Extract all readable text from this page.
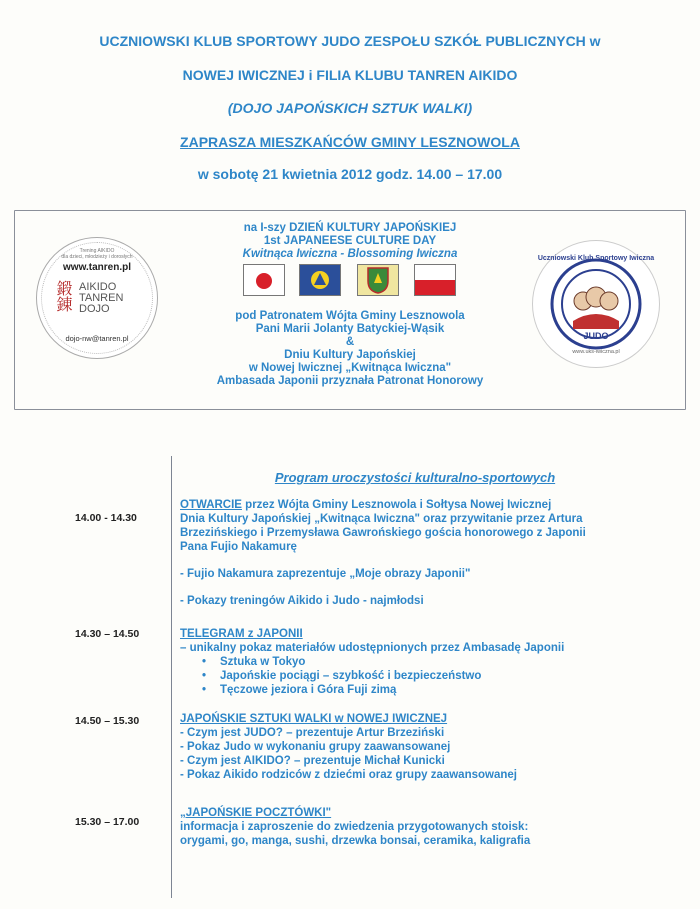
UCZNIOWSKI KLUB SPORTOWY JUDO ZESPOŁU SZKÓŁ PUBLICZNYCH w
NOWEJ IWICZNEJ i FILIA KLUBU TANREN AIKIDO
(DOJO JAPOŃSKICH SZTUK WALKI)
ZAPRASZA MIESZKAŃCÓW GMINY LESZNOWOLA
w sobotę 21 kwietnia 2012 godz. 14.00 – 17.00
na I-szy DZIEŃ KULTURY JAPOŃSKIEJ
1st JAPANEESE CULTURE DAY
Kwitnąca Iwiczna - Blossoming Iwiczna
pod Patronatem Wójta Gminy Lesznowola
Pani Marii Jolanty Batyckiej-Wąsik
&
Dniu Kultury Japońskiej
w Nowej Iwicznej „Kwitnąca Iwiczna"
Ambasada Japonii przyznała Patronat Honorowy
Trening AIKIDO
dla dzieci, młodzieży i dorosłych
www.tanren.pl
鍛錬 AIKIDO
TANREN
DOJO
dojo-nw@tanren.pl
Uczniowski Klub Sportowy Iwiczna
JUDO
www.uks-iwiczna.pl
Program uroczystości kulturalno-sportowych
14.00 - 14.30
OTWARCIE przez Wójta Gminy Lesznowola i Sołtysa Nowej Iwicznej
Dnia Kultury Japońskiej „Kwitnąca Iwiczna" oraz przywitanie przez Artura
Brzezińskiego i Przemysława Gawrońskiego gościa honorowego z Japonii
Pana Fujio Nakamurę
- Fujio Nakamura zaprezentuje „Moje obrazy Japonii"
- Pokazy treningów Aikido i Judo - najmłodsi
14.30 – 14.50	TELEGRAM z JAPONII
– unikalny pokaz materiałów udostępnionych przez Ambasadę Japonii
• Sztuka w Tokyo
• Japońskie pociągi – szybkość i bezpieczeństwo
• Tęczowe jeziora i Góra Fuji zimą
14.50 – 15.30	JAPOŃSKIE SZTUKI WALKI w NOWEJ IWICZNEJ
- Czym jest JUDO? – prezentuje Artur Brzeziński
- Pokaz Judo w wykonaniu grupy zaawansowanej
- Czym jest AIKIDO? – prezentuje Michał Kunicki
- Pokaz Aikido rodziców z dziećmi oraz grupy zaawansowanej
15.30 – 17.00
„JAPOŃSKIE POCZTÓWKI"
informacja i zaproszenie do zwiedzenia przygotowanych stoisk:
orygami, go, manga, sushi, drzewka bonsai, ceramika, kaligrafia
